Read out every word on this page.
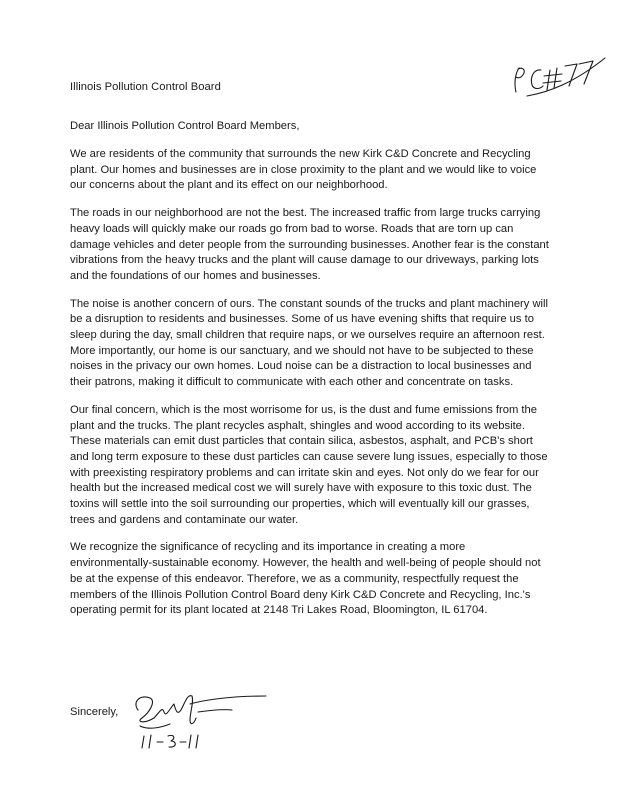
Illinois Pollution Control Board
Dear Illinois Pollution Control Board Members,

We are residents of the community that surrounds the new Kirk C&D Concrete and Recycling plant. Our homes and businesses are in close proximity to the plant and we would like to voice our concerns about the plant and its effect on our neighborhood.

The roads in our neighborhood are not the best. The increased traffic from large trucks carrying heavy loads will quickly make our roads go from bad to worse. Roads that are torn up can damage vehicles and deter people from the surrounding businesses. Another fear is the constant vibrations from the heavy trucks and the plant will cause damage to our driveways, parking lots and the foundations of our homes and businesses.

The noise is another concern of ours. The constant sounds of the trucks and plant machinery will be a disruption to residents and businesses. Some of us have evening shifts that require us to sleep during the day, small children that require naps, or we ourselves require an afternoon rest. More importantly, our home is our sanctuary, and we should not have to be subjected to these noises in the privacy our own homes. Loud noise can be a distraction to local businesses and their patrons, making it difficult to communicate with each other and concentrate on tasks.

Our final concern, which is the most worrisome for us, is the dust and fume emissions from the plant and the trucks. The plant recycles asphalt, shingles and wood according to its website. These materials can emit dust particles that contain silica, asbestos, asphalt, and PCB's short and long term exposure to these dust particles can cause severe lung issues, especially to those with preexisting respiratory problems and can irritate skin and eyes. Not only do we fear for our health but the increased medical cost we will surely have with exposure to this toxic dust. The toxins will settle into the soil surrounding our properties, which will eventually kill our grasses, trees and gardens and contaminate our water.

We recognize the significance of recycling and its importance in creating a more environmentally-sustainable economy. However, the health and well-being of people should not be at the expense of this endeavor. Therefore, we as a community, respectfully request the members of the Illinois Pollution Control Board deny Kirk C&D Concrete and Recycling, Inc.'s operating permit for its plant located at 2148 Tri Lakes Road, Bloomington, IL 61704.

Sincerely,
